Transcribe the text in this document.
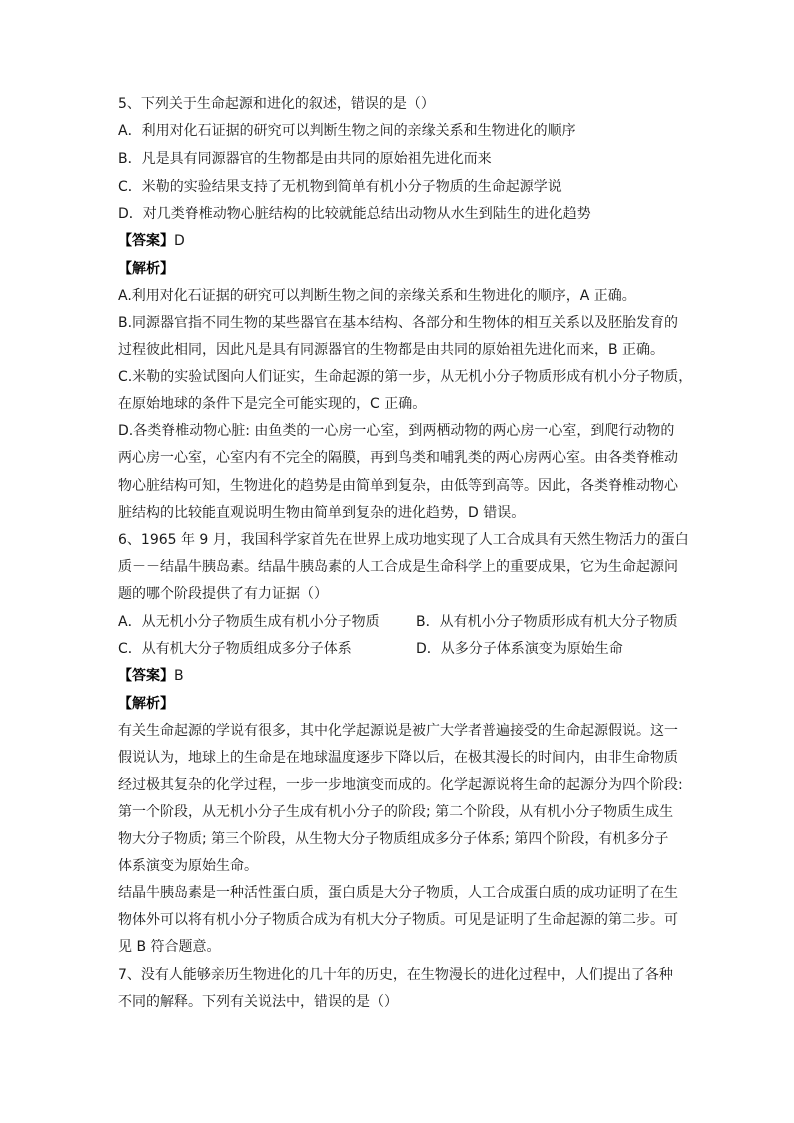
5、下列关于生命起源和进化的叙述，错误的是（）
A．利用对化石证据的研究可以判断生物之间的亲缘关系和生物进化的顺序
B．凡是具有同源器官的生物都是由共同的原始祖先进化而来
C．米勒的实验结果支持了无机物到简单有机小分子物质的生命起源学说
D．对几类脊椎动物心脏结构的比较就能总结出动物从水生到陆生的进化趋势
【答案】D
【解析】
A.利用对化石证据的研究可以判断生物之间的亲缘关系和生物进化的顺序，A 正确。
B.同源器官指不同生物的某些器官在基本结构、各部分和生物体的相互关系以及胚胎发育的
过程彼此相同，因此凡是具有同源器官的生物都是由共同的原始祖先进化而来，B 正确。
C.米勒的实验试图向人们证实，生命起源的第一步，从无机小分子物质形成有机小分子物质，
在原始地球的条件下是完全可能实现的，C 正确。
D.各类脊椎动物心脏: 由鱼类的一心房一心室，到两栖动物的两心房一心室，到爬行动物的
两心房一心室，心室内有不完全的隔膜，再到鸟类和哺乳类的两心房两心室。由各类脊椎动
物心脏结构可知，生物进化的趋势是由简单到复杂，由低等到高等。因此，各类脊椎动物心
脏结构的比较能直观说明生物由简单到复杂的进化趋势，D 错误。
6、1965 年 9 月，我国科学家首先在世界上成功地实现了人工合成具有天然生物活力的蛋白
质－－结晶牛胰岛素。结晶牛胰岛素的人工合成是生命科学上的重要成果，它为生命起源问
题的哪个阶段提供了有力证据（）
A．从无机小分子物质生成有机小分子物质	B．从有机小分子物质形成有机大分子物质
C．从有机大分子物质组成多分子体系	D．从多分子体系演变为原始生命
【答案】B
【解析】
有关生命起源的学说有很多，其中化学起源说是被广大学者普遍接受的生命起源假说。这一
假说认为，地球上的生命是在地球温度逐步下降以后，在极其漫长的时间内，由非生命物质
经过极其复杂的化学过程，一步一步地演变而成的。化学起源说将生命的起源分为四个阶段:
第一个阶段，从无机小分子生成有机小分子的阶段; 第二个阶段，从有机小分子物质生成生
物大分子物质; 第三个阶段，从生物大分子物质组成多分子体系; 第四个阶段，有机多分子
体系演变为原始生命。
结晶牛胰岛素是一种活性蛋白质，蛋白质是大分子物质，人工合成蛋白质的成功证明了在生
物体外可以将有机小分子物质合成为有机大分子物质。可见是证明了生命起源的第二步。可
见 B 符合题意。
7、没有人能够亲历生物进化的几十年的历史，在生物漫长的进化过程中，人们提出了各种
不同的解释。下列有关说法中，错误的是（）
